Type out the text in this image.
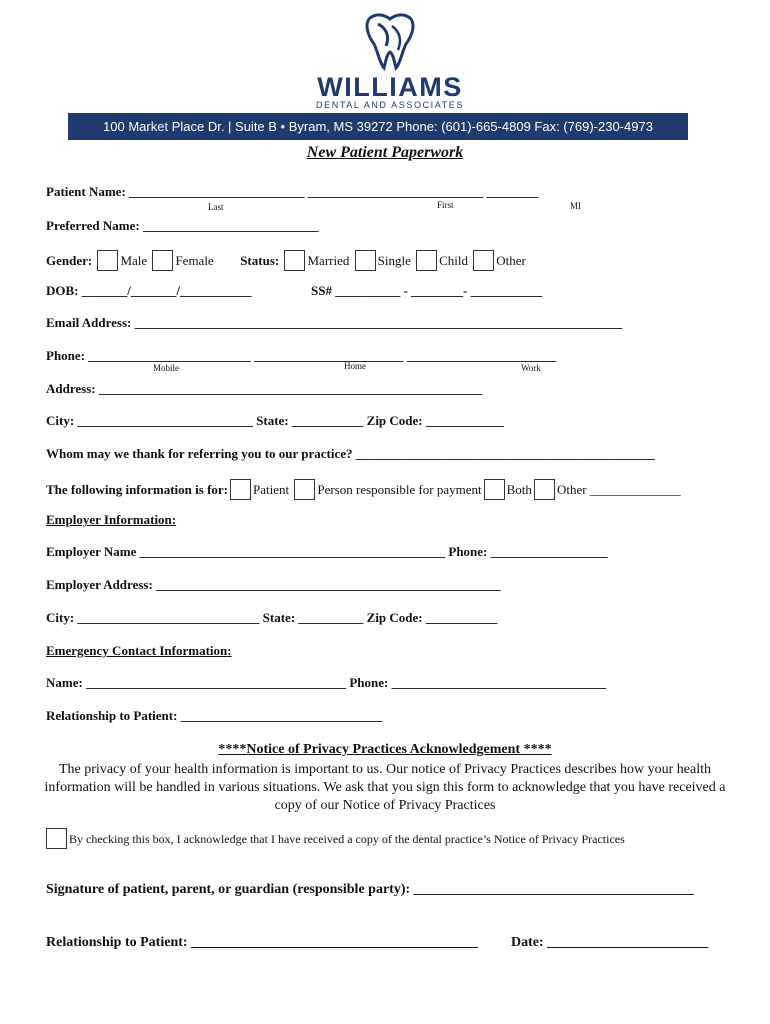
WILLIAMS
DENTAL AND ASSOCIATES
100 Market Place Dr. | Suite B • Byram, MS 39272 Phone: (601)-665-4809 Fax: (769)-230-4973
New Patient Paperwork
Patient Name: ___________________________ ___________________________ ________
Last	First	MI
Preferred Name: ___________________________
Gender: Male Female Status: Married Single Child Other
DOB: _______/_______/___________	SS# __________ - ________- ___________
Email Address: ___________________________________________________________________________
Phone: _________________________ _______________________ _______________________
Mobile	Home	Work
Address: ___________________________________________________________
City: ___________________________ State: ___________ Zip Code: ____________
Whom may we thank for referring you to our practice? ______________________________________________
The following information is for: Patient Person responsible for payment Both Other ______________
Employer Information:
Employer Name _______________________________________________ Phone: __________________
Employer Address: _____________________________________________________
City: ____________________________ State: __________ Zip Code: ___________
Emergency Contact Information:
Name: ________________________________________ Phone: _________________________________
Relationship to Patient: _______________________________
****Notice of Privacy Practices Acknowledgement ****
The privacy of your health information is important to us. Our notice of Privacy Practices describes how your health information will be handled in various situations. We ask that you sign this form to acknowledge that you have received a copy of our Notice of Privacy Practices
By checking this box, I acknowledge that I have received a copy of the dental practice’s Notice of Privacy Practices
Signature of patient, parent, or guardian (responsible party): ________________________________________
Relationship to Patient: _________________________________________ Date: _______________________
